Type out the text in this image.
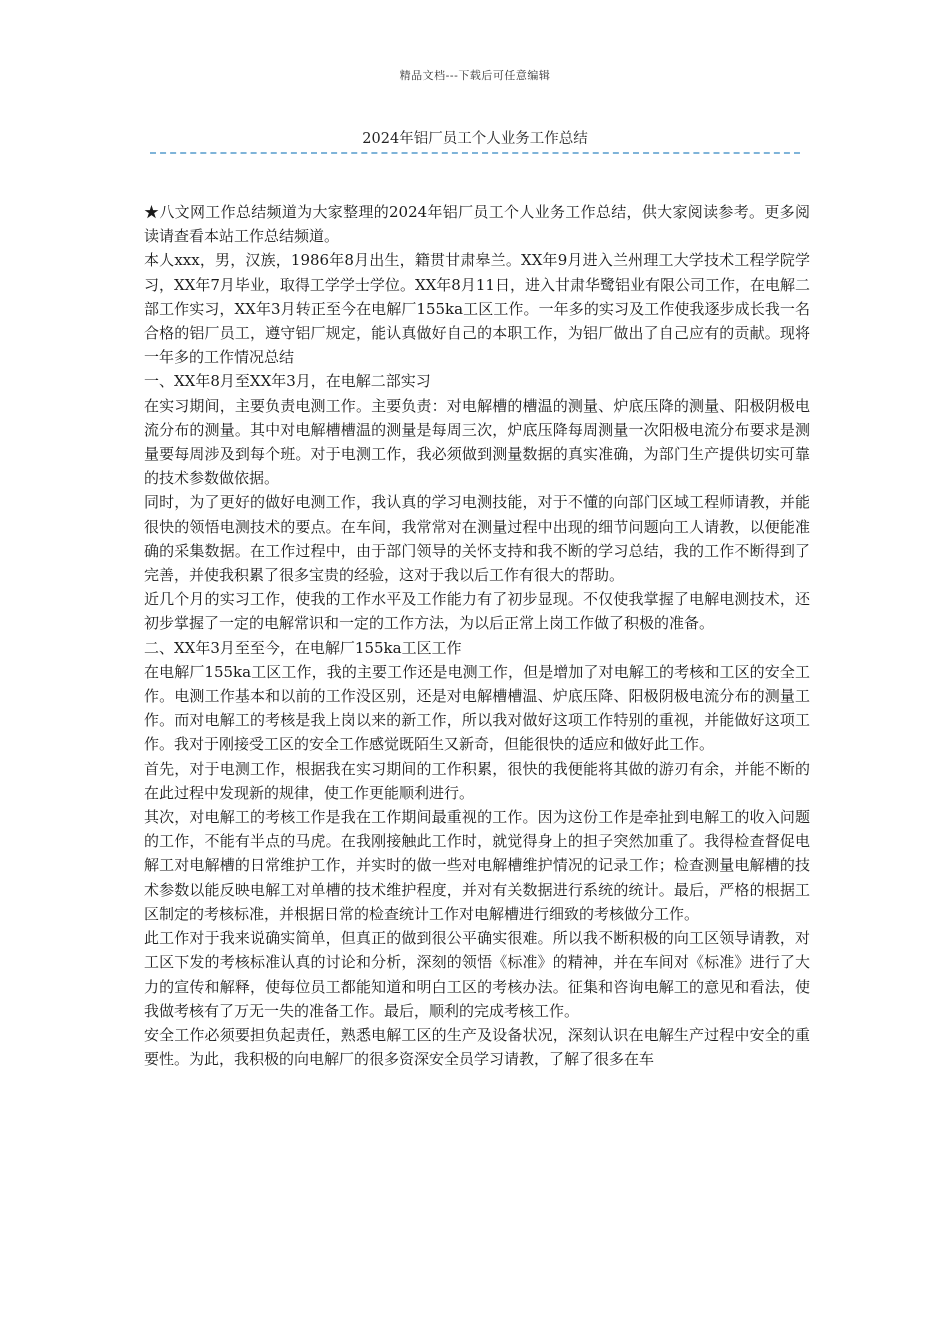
精品文档---下载后可任意编辑
2024年铝厂员工个人业务工作总结

★八文网工作总结频道为大家整理的2024年铝厂员工个人业务工作总结，供大家阅读参考。更多阅读请查看本站工作总结频道。

本人xxx，男，汉族，1986年8月出生，籍贯甘肃皋兰。XX年9月进入兰州理工大学技术工程学院学习，XX年7月毕业，取得工学学士学位。XX年8月11日，进入甘肃华鹭铝业有限公司工作，在电解二部工作实习，XX年3月转正至今在电解厂155ka工区工作。一年多的实习及工作使我逐步成长我一名合格的铝厂员工，遵守铝厂规定，能认真做好自己的本职工作，为铝厂做出了自己应有的贡献。现将一年多的工作情况总结

一、XX年8月至XX年3月，在电解二部实习

在实习期间，主要负责电测工作。主要负责：对电解槽的槽温的测量、炉底压降的测量、阳极阴极电流分布的测量。其中对电解槽槽温的测量是每周三次，炉底压降每周测量一次阳极电流分布要求是测量要每周涉及到每个班。对于电测工作，我必须做到测量数据的真实准确，为部门生产提供切实可靠的技术参数做依据。

同时，为了更好的做好电测工作，我认真的学习电测技能，对于不懂的向部门区域工程师请教，并能很快的领悟电测技术的要点。在车间，我常常对在测量过程中出现的细节问题向工人请教，以便能准确的采集数据。在工作过程中，由于部门领导的关怀支持和我不断的学习总结，我的工作不断得到了完善，并使我积累了很多宝贵的经验，这对于我以后工作有很大的帮助。

近几个月的实习工作，使我的工作水平及工作能力有了初步显现。不仅使我掌握了电解电测技术，还初步掌握了一定的电解常识和一定的工作方法，为以后正常上岗工作做了积极的准备。

二、XX年3月至至今，在电解厂155ka工区工作

在电解厂155ka工区工作，我的主要工作还是电测工作，但是增加了对电解工的考核和工区的安全工作。电测工作基本和以前的工作没区别，还是对电解槽槽温、炉底压降、阳极阴极电流分布的测量工作。而对电解工的考核是我上岗以来的新工作，所以我对做好这项工作特别的重视，并能做好这项工作。我对于刚接受工区的安全工作感觉既陌生又新奇，但能很快的适应和做好此工作。

首先，对于电测工作，根据我在实习期间的工作积累，很快的我便能将其做的游刃有余，并能不断的在此过程中发现新的规律，使工作更能顺利进行。

其次，对电解工的考核工作是我在工作期间最重视的工作。因为这份工作是牵扯到电解工的收入问题的工作，不能有半点的马虎。在我刚接触此工作时，就觉得身上的担子突然加重了。我得检查督促电解工对电解槽的日常维护工作，并实时的做一些对电解槽维护情况的记录工作；检查测量电解槽的技术参数以能反映电解工对单槽的技术维护程度，并对有关数据进行系统的统计。最后，严格的根据工区制定的考核标准，并根据日常的检查统计工作对电解槽进行细致的考核做分工作。

此工作对于我来说确实简单，但真正的做到很公平确实很难。所以我不断积极的向工区领导请教，对工区下发的考核标准认真的讨论和分析，深刻的领悟《标准》的精神，并在车间对《标准》进行了大力的宣传和解释，使每位员工都能知道和明白工区的考核办法。征集和咨询电解工的意见和看法，使我做考核有了万无一失的准备工作。最后，顺利的完成考核工作。

安全工作必须要担负起责任，熟悉电解工区的生产及设备状况，深刻认识在电解生产过程中安全的重要性。为此，我积极的向电解厂的很多资深安全员学习请教，了解了很多在车
